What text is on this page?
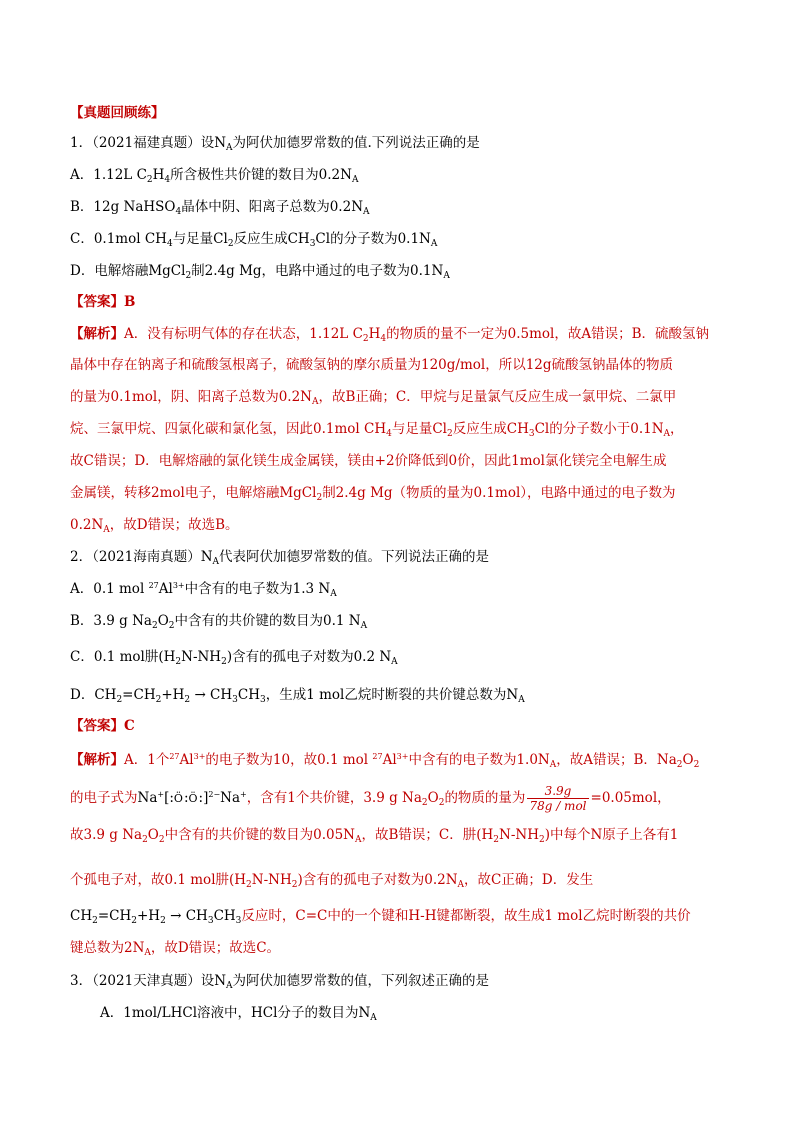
【真题回顾练】
1．（2021福建真题）设$N_A$为阿伏加德罗常数的值.下列说法正确的是
A．1.12L $C_2H_4$所含极性共价键的数目为$0.2N_A$
B．12g NaHSO$_4$晶体中阴、阳离子总数为$0.2N_A$
C．0.1mol $CH_4$与足量$Cl_2$反应生成$CH_3Cl$的分子数为$0.1N_A$
D．电解熔融MgCl$_2$制2.4g Mg，电路中通过的电子数为$0.1N_A$
【答案】B
【解析】A．没有标明气体的存在状态，1.12L $C_2H_4$的物质的量不一定为0.5mol，故A错误；B．硫酸氢钠
晶体中存在钠离子和硫酸氢根离子，硫酸氢钠的摩尔质量为120g/mol，所以12g硫酸氢钠晶体的物质
的量为0.1mol，阴、阳离子总数为$0.2N_A$，故B正确；C．甲烷与足量氯气反应生成一氯甲烷、二氯甲
烷、三氯甲烷、四氯化碳和氯化氢，因此0.1mol $CH_4$与足量$Cl_2$反应生成$CH_3Cl$的分子数小于$0.1N_A$，
故C错误；D．电解熔融的氯化镁生成金属镁，镁由+2价降低到0价，因此1mol氯化镁完全电解生成
金属镁，转移2mol电子，电解熔融MgCl$_2$制2.4g Mg（物质的量为0.1mol），电路中通过的电子数为
$0.2N_A$，故D错误；故选B。
2．（2021海南真题）$N_A$代表阿伏加德罗常数的值。下列说法正确的是
A．0.1 mol $^{27}Al^{3+}$中含有的电子数为1.3 $N_A$
B．3.9 g $Na_2O_2$中含有的共价键的数目为0.1 $N_A$
C．0.1 mol肼$(H_2N-NH_2)$含有的孤电子对数为0.2 $N_A$
D．$CH_2=CH_2+H_2 \to CH_3CH_3$，生成1 mol乙烷时断裂的共价键总数为$N_A$
【答案】C
【解析】A．1个$^{27}Al^{3+}$的电子数为10，故0.1 mol $^{27}Al^{3+}$中含有的电子数为$1.0N_A$，故A错误；B．$Na_2O_2$
的电子式为Na+[:Ö:Ö:]$^{2-}$Na+，含有1个共价键，3.9 g $Na_2O_2$的物质的量为 $\frac{3.9g}{\text{78g / mol}} =0.05mol$，
故3.9 g $Na_2O_2$中含有的共价键的数目为$0.05N_A$，故B错误；C．肼$(H_2N-NH_2)$中每个N原子上各有1
个孤电子对，故0.1 mol肼$(H_2N-NH_2)$含有的孤电子对数为$0.2N_A$，故C正确；D．发生
$CH_2=CH_2+H_2 \to CH_3CH_3$反应时，C=C中的一个键和H-H键都断裂，故生成1 mol乙烷时断裂的共价
键总数为$2N_A$，故D错误；故选C。
3．（2021天津真题）设$N_A$为阿伏加德罗常数的值，下列叙述正确的是
A．1mol/LHCl溶液中，HCl分子的数目为$N_A$
